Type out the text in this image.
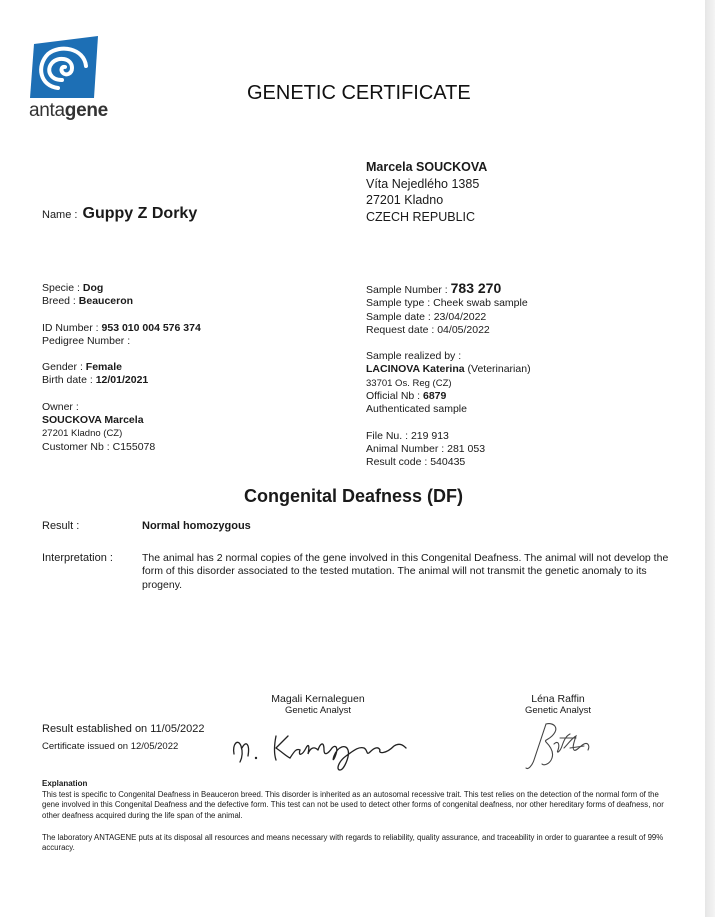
antagene
GENETIC CERTIFICATE
Marcela SOUCKOVA
Víta Nejedlého 1385
27201 Kladno
CZECH REPUBLIC
Name : Guppy Z Dorky
Specie : Dog
Breed : Beauceron
ID Number : 953 010 004 576 374
Pedigree Number :
Gender : Female
Birth date : 12/01/2021
Owner :
SOUCKOVA Marcela
27201 Kladno (CZ)
Customer Nb : C155078
Sample Number : 783 270
Sample type : Cheek swab sample
Sample date : 23/04/2022
Request date : 04/05/2022
Sample realized by :
LACINOVA Katerina (Veterinarian)
33701 Os. Reg (CZ)
Official Nb : 6879
Authenticated sample
File Nu. : 219 913
Animal Number : 281 053
Result code : 540435
Congenital Deafness (DF)
Result :	Normal homozygous
Interpretation :	The animal has 2 normal copies of the gene involved in this Congenital Deafness. The animal will not develop the form of this disorder associated to the tested mutation. The animal will not transmit the genetic anomaly to its progeny.
Magali Kernaleguen
Genetic Analyst
Léna Raffin
Genetic Analyst
Result established on 11/05/2022
Certificate issued on 12/05/2022
Explanation
This test is specific to Congenital Deafness in Beauceron breed. This disorder is inherited as an autosomal recessive trait. This test relies on the detection of the normal form of the gene involved in this Congenital Deafness and the defective form. This test can not be used to detect other forms of congenital deafness, nor other hereditary forms of deafness, nor other deafness acquired during the life span of the animal.
The laboratory ANTAGENE puts at its disposal all resources and means necessary with regards to reliability, quality assurance, and traceability in order to guarantee a result of 99% accuracy.
